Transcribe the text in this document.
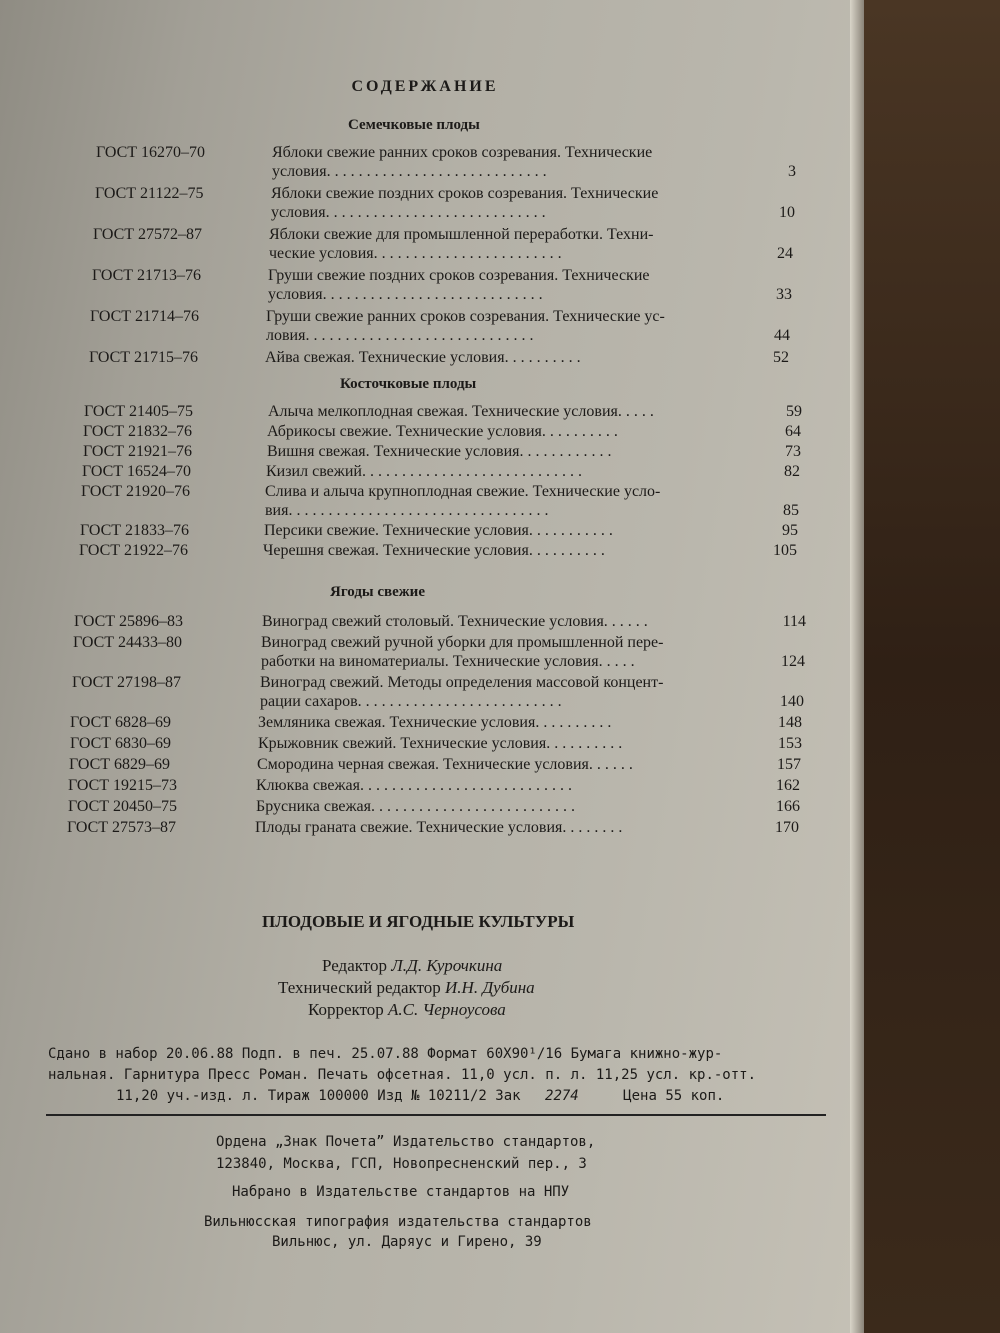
СОДЕРЖАНИЕ
Семечковые плоды
ГОСТ 16270–70	Яблоки свежие ранних сроков созревания. Технические
условия. . . . . . . . . . . . . . . . . . . . . . . . . . . .	3
ГОСТ 21122–75	Яблоки свежие поздних сроков созревания. Технические
условия. . . . . . . . . . . . . . . . . . . . . . . . . . . .	10
ГОСТ 27572–87	Яблоки свежие для промышленной переработки. Техни-
ческие условия. . . . . . . . . . . . . . . . . . . . . . . .	24
ГОСТ 21713–76	Груши свежие поздних сроков созревания. Технические
условия. . . . . . . . . . . . . . . . . . . . . . . . . . . .	33
ГОСТ 21714–76	Груши свежие ранних сроков созревания. Технические ус-
ловия. . . . . . . . . . . . . . . . . . . . . . . . . . . . .	44
ГОСТ 21715–76	Айва свежая. Технические условия. . . . . . . . . .	52
Косточковые плоды
ГОСТ 21405–75	Алыча мелкоплодная свежая. Технические условия. . . . .	59
ГОСТ 21832–76	Абрикосы свежие. Технические условия. . . . . . . . . .	64
ГОСТ 21921–76	Вишня свежая. Технические условия. . . . . . . . . . . .	73
ГОСТ 16524–70	Кизил свежий. . . . . . . . . . . . . . . . . . . . . . . . . . . .	82
ГОСТ 21920–76	Слива и алыча крупноплодная свежие. Технические усло-
вия. . . . . . . . . . . . . . . . . . . . . . . . . . . . . . . . .	85
ГОСТ 21833–76	Персики свежие. Технические условия. . . . . . . . . . .	95
ГОСТ 21922–76	Черешня свежая. Технические условия. . . . . . . . . .	105
Ягоды свежие
ГОСТ 25896–83	Виноград свежий столовый. Технические условия. . . . . .	114
ГОСТ 24433–80	Виноград свежий ручной уборки для промышленной пере-
работки на виноматериалы. Технические условия. . . . .	124
ГОСТ 27198–87	Виноград свежий. Методы определения массовой концент-
рации сахаров. . . . . . . . . . . . . . . . . . . . . . . . . .	140
ГОСТ 6828–69	Земляника свежая. Технические условия. . . . . . . . . .	148
ГОСТ 6830–69	Крыжовник свежий. Технические условия. . . . . . . . . .	153
ГОСТ 6829–69	Смородина черная свежая. Технические условия. . . . . .	157
ГОСТ 19215–73	Клюква свежая. . . . . . . . . . . . . . . . . . . . . . . . . . .	162
ГОСТ 20450–75	Брусника свежая. . . . . . . . . . . . . . . . . . . . . . . . . .	166
ГОСТ 27573–87	Плоды граната свежие. Технические условия. . . . . . . .	170
ПЛОДОВЫЕ И ЯГОДНЫЕ КУЛЬТУРЫ
Редактор Л.Д. Курочкина
Технический редактор И.Н. Дубина
Корректор А.С. Черноусова
Сдано в набор 20.06.88 Подп. в печ. 25.07.88 Формат 60X90¹/16 Бумага книжно-жур-
нальная. Гарнитура Пресс Роман. Печать офсетная. 11,0 усл. п. л. 11,25 усл. кр.-отт.
11,20 уч.-изд. л. Тираж 100000 Изд № 10211/2 Зак 2274	Цена 55 коп.
Ордена „Знак Почета” Издательство стандартов,
123840, Москва, ГСП, Новопресненский пер., 3
Набрано в Издательстве стандартов на НПУ
Вильнюсская типография издательства стандартов
Вильнюс, ул. Даряус и Гирено, 39
